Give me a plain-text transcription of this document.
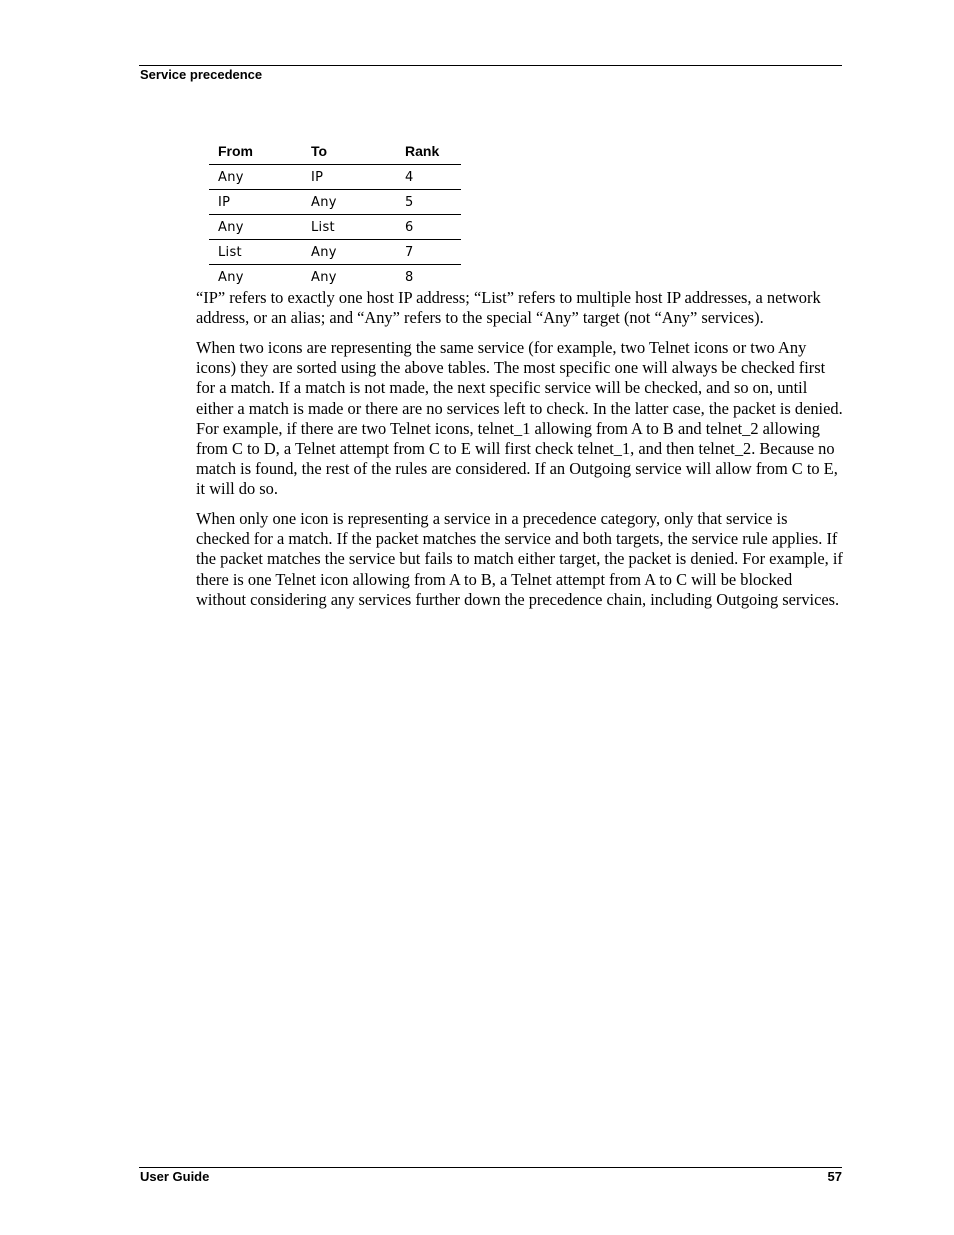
Service precedence
From	To	Rank
Any	IP	4
IP	Any	5
Any	List	6
List	Any	7
Any	Any	8

“IP” refers to exactly one host IP address; “List” refers to multiple host IP addresses, a network address, or an alias; and “Any” refers to the special “Any” target (not “Any” services).

When two icons are representing the same service (for example, two Telnet icons or two Any icons) they are sorted using the above tables. The most specific one will always be checked first for a match. If a match is not made, the next specific service will be checked, and so on, until either a match is made or there are no services left to check. In the latter case, the packet is denied. For example, if there are two Telnet icons, telnet_1 allowing from A to B and telnet_2 allowing from C to D, a Telnet attempt from C to E will first check telnet_1, and then telnet_2. Because no match is found, the rest of the rules are considered. If an Outgoing service will allow from C to E, it will do so.

When only one icon is representing a service in a precedence category, only that service is checked for a match. If the packet matches the service and both targets, the service rule applies. If the packet matches the service but fails to match either target, the packet is denied. For example, if there is one Telnet icon allowing from A to B, a Telnet attempt from A to C will be blocked without considering any services further down the precedence chain, including Outgoing services.

User Guide	57
